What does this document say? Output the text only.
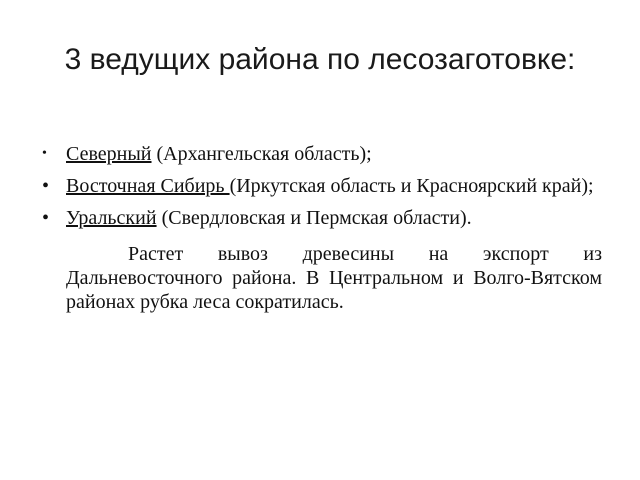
3 ведущих района по лесозаготовке:
• Северный (Архангельская область);
• Восточная Сибирь (Иркутская область и Красноярский край);
• Уральский (Свердловская и Пермская области).

Растет вывоз древесины на экспорт из Дальневосточного района. В Центральном и Волго-Вятском районах рубка леса сократилась.
